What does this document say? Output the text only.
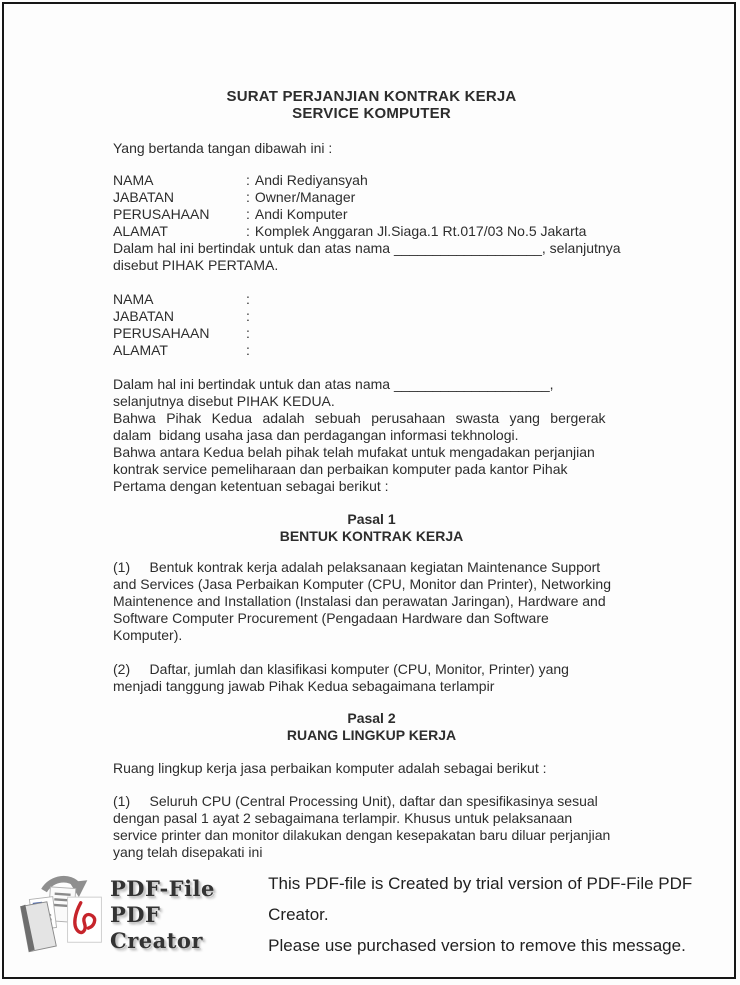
SURAT PERJANJIAN KONTRAK KERJA
SERVICE KOMPUTER
Yang bertanda tangan dibawah ini :
NAMA	: Andi Rediyansyah
JABATAN	: Owner/Manager
PERUSAHAAN	: Andi Komputer
ALAMAT	: Komplek Anggaran Jl.Siaga.1 Rt.017/03 No.5 Jakarta
Dalam hal ini bertindak untuk dan atas nama ___________________, selanjutnya
disebut PIHAK PERTAMA.
NAMA	:
JABATAN	:
PERUSAHAAN	:
ALAMAT	:
Dalam hal ini bertindak untuk dan atas nama ____________________,
selanjutnya disebut PIHAK KEDUA.
Bahwa Pihak Kedua adalah sebuah perusahaan swasta yang bergerak
dalam  bidang usaha jasa dan perdagangan informasi tekhnologi.
Bahwa antara Kedua belah pihak telah mufakat untuk mengadakan perjanjian
kontrak service pemeliharaan dan perbaikan komputer pada kantor Pihak
Pertama dengan ketentuan sebagai berikut :
Pasal 1
BENTUK KONTRAK KERJA
(1)     Bentuk kontrak kerja adalah pelaksanaan kegiatan Maintenance Support
and Services (Jasa Perbaikan Komputer (CPU, Monitor dan Printer), Networking
Maintenence and Installation (Instalasi dan perawatan Jaringan), Hardware and
Software Computer Procurement (Pengadaan Hardware dan Software
Komputer).
(2)     Daftar, jumlah dan klasifikasi komputer (CPU, Monitor, Printer) yang
menjadi tanggung jawab Pihak Kedua sebagaimana terlampir
Pasal 2
RUANG LINGKUP KERJA
Ruang lingkup kerja jasa perbaikan komputer adalah sebagai berikut :
(1)     Seluruh CPU (Central Processing Unit), daftar dan spesifikasinya sesual
dengan pasal 1 ayat 2 sebagaimana terlampir. Khusus untuk pelaksanaan
service printer dan monitor dilakukan dengan kesepakatan baru diluar perjanjian
yang telah disepakati ini
PDF-File
PDF Creator
This PDF-file is Created by trial version of PDF-File PDF Creator.
Please use purchased version to remove this message.
